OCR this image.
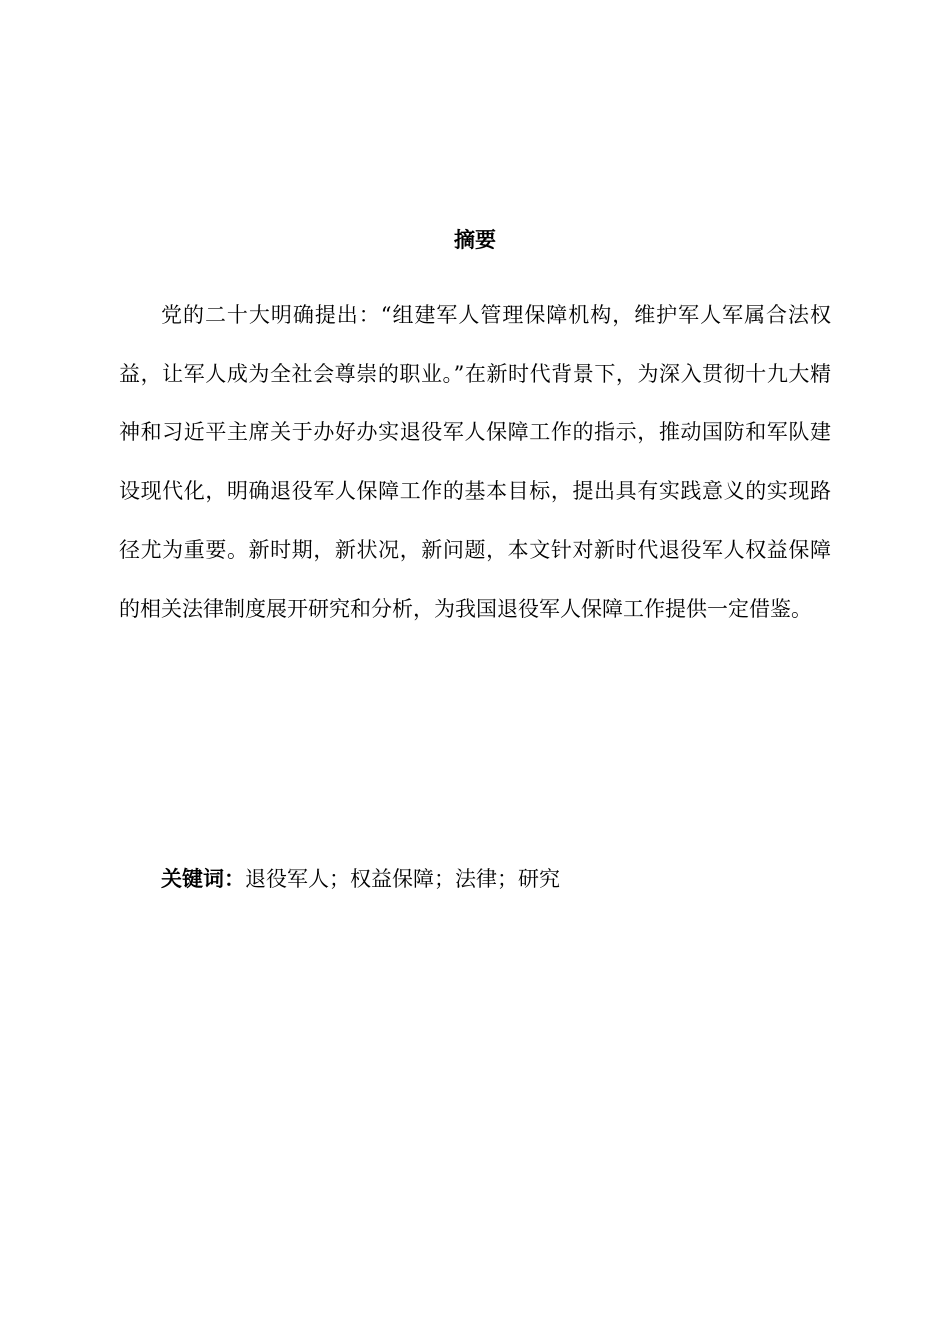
摘要

党的二十大明确提出：“组建军人管理保障机构，维护军人军属合法权益，让军人成为全社会尊崇的职业。”在新时代背景下，为深入贯彻十九大精神和习近平主席关于办好办实退役军人保障工作的指示，推动国防和军队建设现代化，明确退役军人保障工作的基本目标，提出具有实践意义的实现路径尤为重要。新时期，新状况，新问题，本文针对新时代退役军人权益保障的相关法律制度展开研究和分析，为我国退役军人保障工作提供一定借鉴。

关键词：退役军人；权益保障；法律；研究
